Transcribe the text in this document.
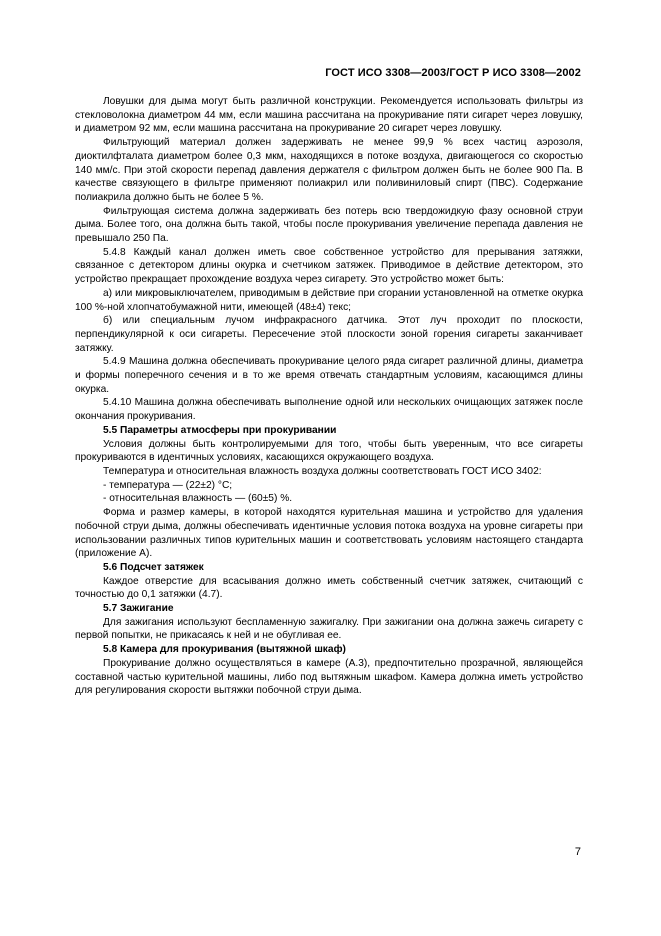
ГОСТ ИСО 3308—2003/ГОСТ Р ИСО 3308—2002

Ловушки для дыма могут быть различной конструкции. Рекомендуется использовать фильтры из стекловолокна диаметром 44 мм, если машина рассчитана на прокуривание пяти сигарет через ловушку, и диаметром 92 мм, если машина рассчитана на прокуривание 20 сигарет через ловушку.

Фильтрующий материал должен задерживать не менее 99,9 % всех частиц аэрозоля, диоктилфталата диаметром более 0,3 мкм, находящихся в потоке воздуха, двигающегося со скоростью 140 мм/с. При этой скорости перепад давления держателя с фильтром должен быть не более 900 Па. В качестве связующего в фильтре применяют полиакрил или поливиниловый спирт (ПВС). Содержание полиакрила должно быть не более 5 %.

Фильтрующая система должна задерживать без потерь всю твердожидкую фазу основной струи дыма. Более того, она должна быть такой, чтобы после прокуривания увеличение перепада давления не превышало 250 Па.

5.4.8 Каждый канал должен иметь свое собственное устройство для прерывания затяжки, связанное с детектором длины окурка и счетчиком затяжек. Приводимое в действие детектором, это устройство прекращает прохождение воздуха через сигарету. Это устройство может быть:

а) или микровыключателем, приводимым в действие при сгорании установленной на отметке окурка 100 %-ной хлопчатобумажной нити, имеющей (48±4) текс;

б) или специальным лучом инфракрасного датчика. Этот луч проходит по плоскости, перпендикулярной к оси сигареты. Пересечение этой плоскости зоной горения сигареты заканчивает затяжку.

5.4.9 Машина должна обеспечивать прокуривание целого ряда сигарет различной длины, диаметра и формы поперечного сечения и в то же время отвечать стандартным условиям, касающимся длины окурка.

5.4.10 Машина должна обеспечивать выполнение одной или нескольких очищающих затяжек после окончания прокуривания.

5.5 Параметры атмосферы при прокуривании

Условия должны быть контролируемыми для того, чтобы быть уверенным, что все сигареты прокуриваются в идентичных условиях, касающихся окружающего воздуха.

Температура и относительная влажность воздуха должны соответствовать ГОСТ ИСО 3402:

- температура — (22±2) °С;

- относительная влажность — (60±5) %.

Форма и размер камеры, в которой находятся курительная машина и устройство для удаления побочной струи дыма, должны обеспечивать идентичные условия потока воздуха на уровне сигареты при использовании различных типов курительных машин и соответствовать условиям настоящего стандарта (приложение А).

5.6 Подсчет затяжек

Каждое отверстие для всасывания должно иметь собственный счетчик затяжек, считающий с точностью до 0,1 затяжки (4.7).

5.7 Зажигание

Для зажигания используют беспламенную зажигалку. При зажигании она должна зажечь сигарету с первой попытки, не прикасаясь к ней и не обугливая ее.

5.8 Камера для прокуривания (вытяжной шкаф)

Прокуривание должно осуществляться в камере (А.3), предпочтительно прозрачной, являющейся составной частью курительной машины, либо под вытяжным шкафом. Камера должна иметь устройство для регулирования скорости вытяжки побочной струи дыма.

7
